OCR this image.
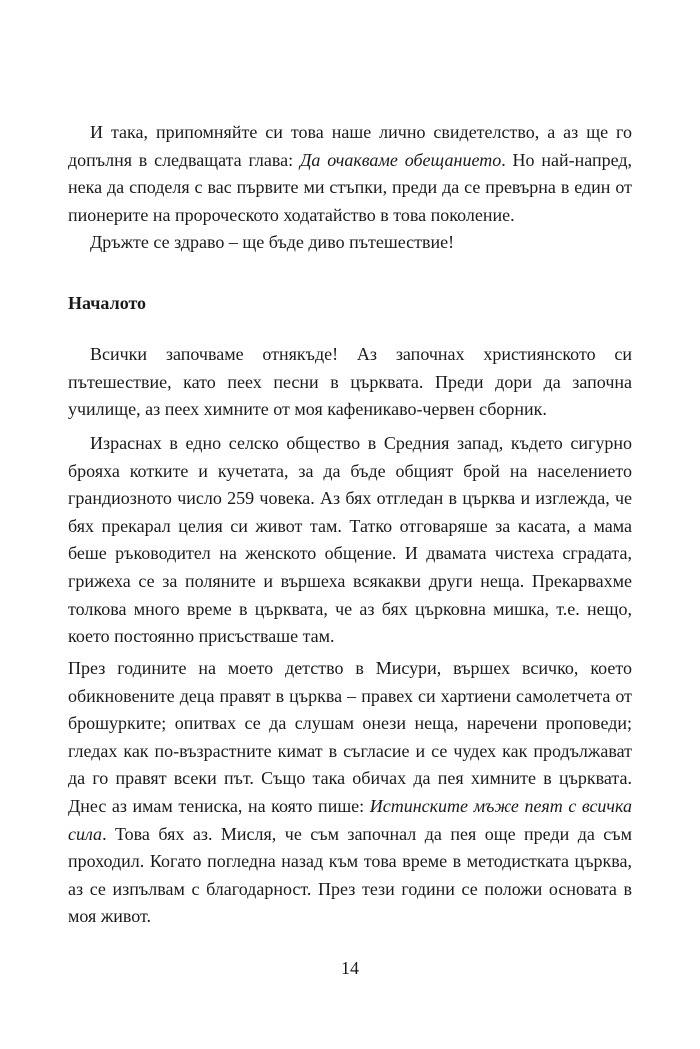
И така, припомняйте си това наше лично свидетелство, а аз ще го допълня в следващата глава: Да очакваме обещанието. Но най-напред, нека да споделя с вас първите ми стъпки, преди да се превърна в един от пионерите на пророческото ходатайство в това поколение.

Дръжте се здраво – ще бъде диво пътешествие!

Началото

Всички започваме отнякъде! Аз започнах християнското си пътешествие, като пеех песни в църквата. Преди дори да започна училище, аз пеех химните от моя кафеникаво-червен сборник.

Израснах в едно селско общество в Средния запад, където сигурно брояха котките и кучетата, за да бъде общият брой на населението грандиозното число 259 човека. Аз бях отгледан в църква и изглежда, че бях прекарал целия си живот там. Татко отговаряше за касата, а мама беше ръководител на женското общение. И двамата чистеха сградата, грижеха се за поляните и вършеха всякакви други неща. Прекарвахме толкова много време в църквата, че аз бях църковна мишка, т.е. нещо, което постоянно присъстваше там.

През годините на моето детство в Мисури, вършех всичко, което обикновените деца правят в църква – правех си хартиени самолетчета от брошурките; опитвах се да слушам онези неща, наречени проповеди; гледах как по-възрастните кимат в съгласие и се чудех как продължават да го правят всеки път. Също така обичах да пея химните в църквата. Днес аз имам тениска, на която пише: Истинските мъже пеят с всичка сила. Това бях аз. Мисля, че съм започнал да пея още преди да съм проходил. Когато погледна назад към това време в методистката църква, аз се изпълвам с благодарност. През тези години се положи основата в моя живот.

14
